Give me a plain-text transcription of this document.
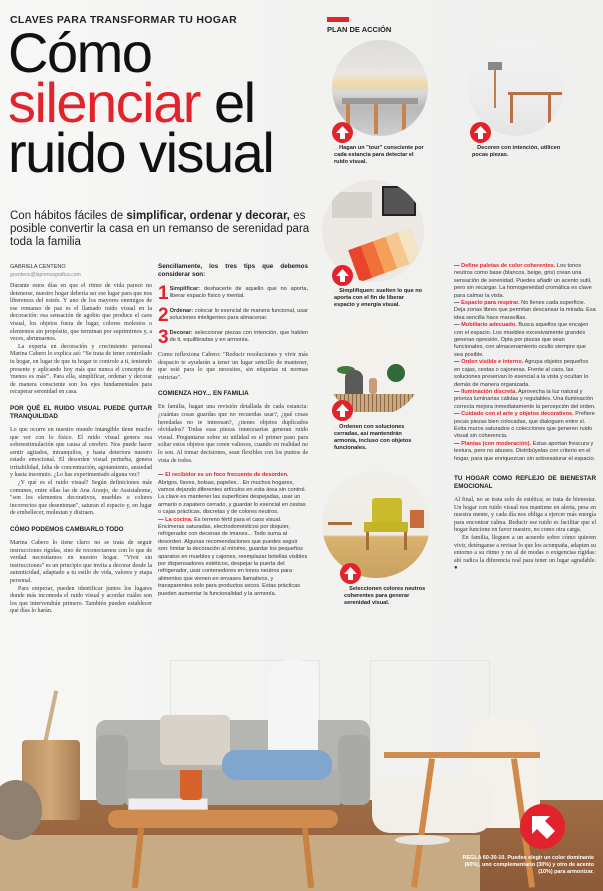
CLAVES PARA TRANSFORMAR TU HOGAR
Cómo
silenciar el
ruido visual
Con hábitos fáciles de simplificar, ordenar y decorar, es posible convertir la casa en un remanso de serenidad para toda la familia
GABRIELA CENTENO
gcenteno@laprensagrafica.com

Durante estos días en que el ritmo de vida parece no detenerse, nuestro hogar debería ser ese lugar para que nos liberemos del estrés. Y uno de los mayores enemigos de ese remanso de paz es el llamado ruido visual en la decoración: esa sensación de agobio que produce el caos visual, los objetos fuera de lugar, colores molestos o elementos sin propósito, que terminan por suprimirnos y, a veces, abrumarnos.

La experta en decoración y crecimiento personal Marina Cabero lo explica así: "Se trata de tener controlado tu hogar, en lugar de que tu hogar te controle a ti, teniendo presente y aplicando hoy más que nunca el concepto de 'menos es más'". Para ella, simplificar, ordenar y decorar de manera consciente son los ejes fundamentales para recuperar serenidad en casa.

POR QUÉ EL RUIDO VISUAL PUEDE QUITAR TRANQUILIDAD

Lo que ocurre en nuestro mundo intangible tiene mucho que ver con lo físico. El ruido visual genera esa sobreestimulación que causa al cerebro. Nos puede hacer sentir agitados, intranquilos, y hasta deteriora nuestro estado emocional. El desorden visual perturba, genera irritabilidad, falta de concentración, agotamiento, ansiedad y hasta insomnio. ¿Lo has experimentado alguna vez?

¿Y qué es el ruido visual? Según definiciones más comunes, entre ellas las de Ana Araujo, de Assistahome, "son los elementos decorativos, muebles o colores incorrectos que desentonan", saturan el espacio y, en lugar de embellecer, molestan y distraen.

CÓMO PODEMOS CAMBIARLO TODO

Marina Cabero lo tiene claro: no se trata de seguir instrucciones rígidas, sino de reconectarnos con lo que de verdad necesitamos en nuestro hogar. "Vivir sin instrucciones" es un principio que invita a decorar desde la autenticidad, adaptado a tu estilo de vida, valores y etapa personal.

Para empezar, pueden identificar juntos los lugares donde más incomoda el ruido visual y acordar cuáles son los que intervendrán primero. También pueden establecer qué días lo harán.

Sencillamente, los tres tips que debemos considerar son:
1 Simplificar: deshacerte de aquello que no aporta, liberar espacio físico y mental.
2 Ordenar: colocar lo esencial de manera funcional, usar soluciones inteligentes para almacenar.
3 Decorar: seleccionar piezas con intención, que hablen de ti, equilibradas y en armonía.

Como reflexiona Cabero: "Reducir resoluciones y vivir más despacio te ayudarán a tener un lugar sencillo de mantener, que esté para lo que necesites, sin etiquetas ni normas estrictas".

COMIENZA HOY... EN FAMILIA

En familia, hagan una revisión detallada de cada estancia: ¿cuántas cosas guardas que no recuerdas usar?, ¿qué cosas heredadas no te interesan?, ¿tienes objetos duplicados olvidados? Todas esas piezas innecesarias generan ruido visual. Preguntarse sobre su utilidad es el primer paso para soltar estos objetos que creen valiosos, cuando en realidad no lo son. Al tomar decisiones, sean flexibles con los puntos de vista de todos.

— El recibidor es un foco frecuente de desorden. Abrigos, llaves, bolsas, papeles... En muchos hogares, vamos dejando diferentes artículos en esta área sin control. La clave es mantener las superficies despejadas, usar un armario o zapatero cerrado, y guardar lo esencial en cestas o cajas prácticas, discretas y de colores neutros.

— La cocina. Es terreno fértil para el caos visual. Encimeras saturadas, electrodomésticos por doquier, refrigerador con decenas de imanes... Todo suma al desorden. Algunas recomendaciones que puedes seguir son: limitar la decoración al mínimo, guardar los pequeños aparatos en muebles y cajones, reemplazar botellas visibles por dispensadores estéticos, despejar la puerta del refrigerador, usar contenedores en tonos neutros para alimentos que vienen en envases llamativos, y transparentes solo para productos secos. Estas prácticas pueden aumentar la funcionalidad y la armonía.

PLAN DE ACCIÓN
_ Hagan un "tour" consciente por cada estancia para detectar el ruido visual.
_ Decoren con intención, utilicen pocas piezas.
_ Simplifiquen: suelten lo que no aporta con el fin de liberar espacio y energía visual.
_ Ordenen con soluciones cerradas, así mantendrán armonía, incluso con objetos funcionales.
_ Seleccionen colores neutros coherentes para generar serenidad visual.

— Define paletas de color coherentes. Los tonos neutros como base (blancos, beige, gris) crean una sensación de serenidad. Puedes añadir un acento sutil, pero sin recargar. La homogeneidad cromática es clave para calmar la vista.

— Espacio para respirar. No llenes cada superficie. Deja zonas libres que permitan descansar la mirada. Esa idea sencilla hace maravillas.

— Mobiliario adecuado. Busca aquellos que encajen con el espacio. Los muebles excesivamente grandes generan opresión. Opta por piezas que sean funcionales, con almacenamiento oculto siempre que sea posible.

— Orden visible e interno. Agrupa objetos pequeños en cajas, cestas o cajoneras. Frente al caos, las soluciones preservan lo esencial a la vista y ocultan lo demás de manera organizada.

— Iluminación discreta. Aprovecha la luz natural y prioriza luminarias cálidas y regulables. Una iluminación correcta mejora inmediatamente la percepción del orden.

— Cuidado con el arte y objetos decorativos. Prefiere pocas piezas bien colocadas, que dialoguen entre sí. Evita muros saturados o colecciones que generen ruido visual sin coherencia.

— Plantas (con moderación). Estas aportan frescura y textura, pero no abuses. Distribúyelas con criterio en el hogar, para que enriquezcan sin sobresaturar el espacio.

TU HOGAR COMO REFLEJO DE BIENESTAR EMOCIONAL

Al final, no se trata solo de estética; se trata de bienestar. Un hogar con ruido visual nos mantiene en alerta, pesa en nuestra mente, y cada día nos obliga a ejercer más energía para encontrar calma. Reducir ese ruido es facilitar que el hogar funcione en favor nuestro, no como otra carga.

En familia, lleguen a un acuerdo sobre cómo quieren vivir, deténganse a revisar lo que los acompaña, adapten su entorno a su ritmo y no al de modas o exigencias rígidas: ahí radica la diferencia real para tener un lugar agradable. ●

REGLA 60-30-10. Puedes elegir un color dominante (60%), uno complementario (30%) y otro de acento (10%) para armonizar.
